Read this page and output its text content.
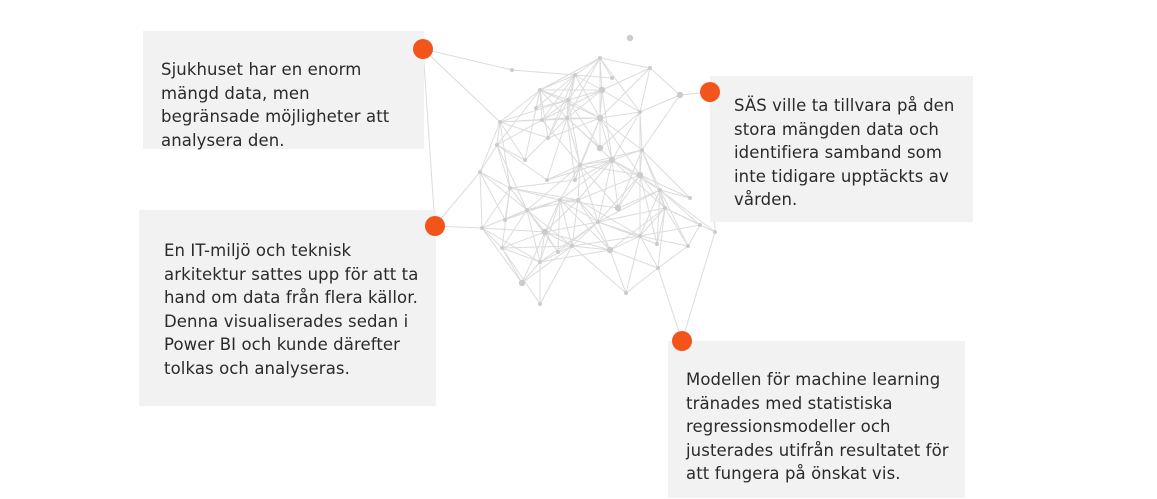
Sjukhuset har en enorm mängd data, men begränsade möjligheter att analysera den.

SÄS ville ta tillvara på den stora mängden data och identifiera samband som inte tidigare upptäckts av vården.

En IT-miljö och teknisk arkitektur sattes upp för att ta hand om data från flera källor. Denna visualiserades sedan i Power BI och kunde därefter tolkas och analyseras.

Modellen för machine learning tränades med statistiska regressionsmodeller och justerades utifrån resultatet för att fungera på önskat vis.
